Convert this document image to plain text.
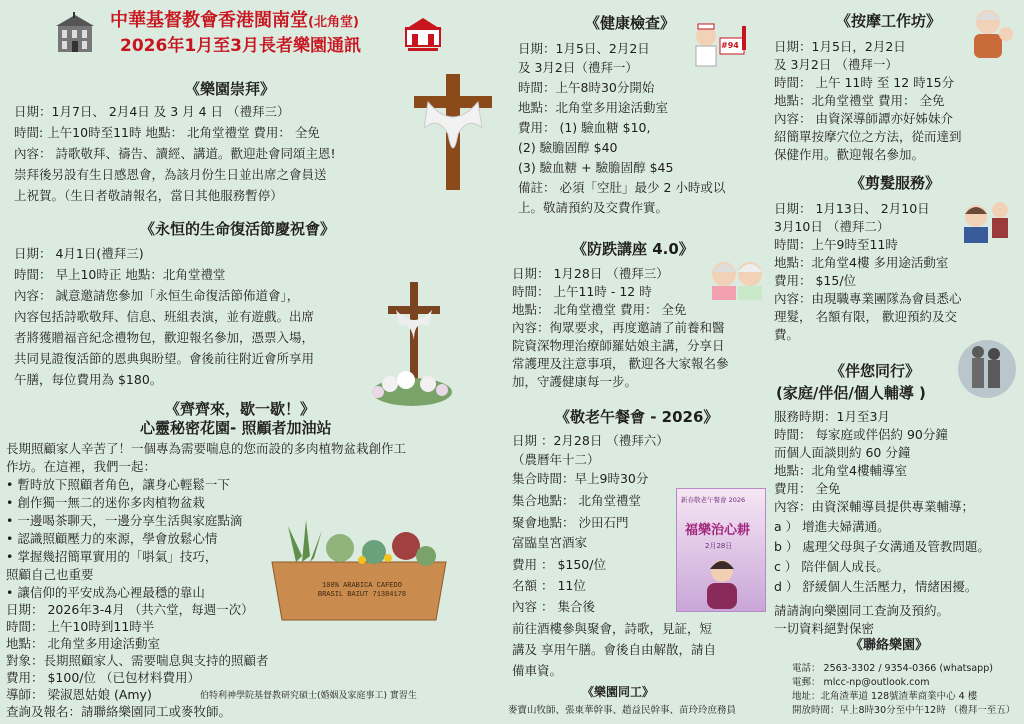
中華基督教會香港閩南堂(北角堂)
2026年1月至3月長者樂園通訊
《樂園崇拜》
日期：1月7日、 2月4日 及 3 月 4 日 （禮拜三）
時間: 上午10時至11時 地點： 北角堂禮堂 費用： 全免
內容： 詩歌敬拜、禱告、讀經、講道。歡迎赴會同頌主恩!
崇拜後另設有生日感恩會，為該月份生日並出席之會員送
上祝賀。（生日者敬請報名，當日其他服務暫停）
《永恒的生命復活節慶祝會》
日期： 4月1日(禮拜三)
時間： 早上10時正 地點：北角堂禮堂
內容： 誠意邀請您參加「永恒生命復活節佈道會」，
內容包括詩歌敬拜、信息、班組表演，並有遊戲。出席
者將獲贈福音紀念禮物包，歡迎報名參加，憑票入場，
共同見證復活節的恩典與盼望。會後前往附近會所享用
午膳，每位費用為 $180。
《齊齊來，歇一歇！》
心靈秘密花園- 照顧者加油站
長期照顧家人辛苦了！一個專為需要喘息的您而設的多肉植物盆栽創作工
作坊。在這裡，我們一起：
• 暫時放下照顧者角色，讓身心輕鬆一下
• 創作獨一無二的迷你多肉植物盆栽
• 一邊喝茶聊天，一邊分享生活與家庭點滴
• 認識照顧壓力的來源，學會放鬆心情
• 掌握幾招簡單實用的「唞氣」技巧，
照顧自己也重要
• 讓信仰的平安成為心裡最穩的靠山
日期： 2026年3-4月 （共六堂，每週一次）
時間： 上午10時到11時半
地點： 北角堂多用途活動室
對象：長期照顧家人、需要喘息與支持的照顧者
費用： $100/位 （已包材料費用）
導師： 梁淑恩姑娘 (Amy)	伯特利神學院基督教研究碩士(婚姻及家庭事工) 實習生
查詢及報名：請聯絡樂園同工或麥牧師。
100% ARABICA CAFEDO BRASIL BAIUT 71384178
《健康檢查》
日期：1月5日、2月2日
及 3月2日（禮拜一）
時間：上午8時30分開始
地點：北角堂多用途活動室
費用： (1) 驗血糖 $10,
(2) 驗膽固醇 $40
(3) 驗血糖 + 驗膽固醇 $45
備註： 必須「空肚」最少 2 小時或以
上。敬請預約及交費作實。
#94
《防跌講座 4.0》
日期： 1月28日 （禮拜三）
時間： 上午11時 - 12 時
地點： 北角堂禮堂 費用： 全免
內容：徇眾要求，再度邀請了前養和醫
院資深物理治療師羅姑娘主講，分享日
常護理及注意事項， 歡迎各大家報名參
加，守護健康每一步。
《敬老午餐會 - 2026》
日期 ：2月28日 （禮拜六）
（農曆年十二）
集合時間：早上9時30分
集合地點： 北角堂禮堂
聚會地點： 沙田石門
富臨皇宮酒家
費用 ： $150/位
名額 ： 11位
內容 ： 集合後
前往酒樓參與聚會，詩歌，見証，短
講及 享用午膳。會後自由解散，請自
備車資。
新春敬老午餐會 2026
福樂治心耕
2月28日
《樂園同工》
麥寶山牧師、張東華幹事、趙益民幹事、苗玲玲庶務員
《按摩工作坊》
日期：1月5日，2月2日
及 3月2日 （禮拜一）
時間： 上午 11時 至 12 時15分
地點：北角堂禮堂 費用： 全免
內容： 由資深導師譚亦好姊妹介
紹簡單按摩穴位之方法，從而達到
保健作用。歡迎報名參加。
《剪髮服務》
日期： 1月13日、 2月10日
3月10日 （禮拜二）
時間：上午9時至11時
地點：北角堂4樓 多用途活動室
費用： $15/位
內容：由現職專業團隊為會員悉心
理髮， 名額有限， 歡迎預約及交
費。
《伴您同行》
(家庭/伴侶/個人輔導 )
服務時期：1月至3月
時間： 每家庭或伴侶約 90分鐘
而個人面談則約 60 分鐘
地點：北角堂4樓輔導室
費用： 全免
內容：由資深輔導員提供專業輔導；
a ） 增進夫婦溝通。
b ） 處理父母與子女溝通及管教問題。
c ） 陪伴個人成長。
d ） 舒緩個人生活壓力，情緒困擾。
請請詢向樂園同工查詢及預約。
一切資料絕對保密
《聯絡樂園》
電話： 2563-3302 / 9354-0366 (whatsapp)
電郵： mlcc-np@outlook.com
地址：北角渣華道 128號渣華商業中心 4 樓
開放時間：早上8時30分至中午12時 （禮拜一至五）
